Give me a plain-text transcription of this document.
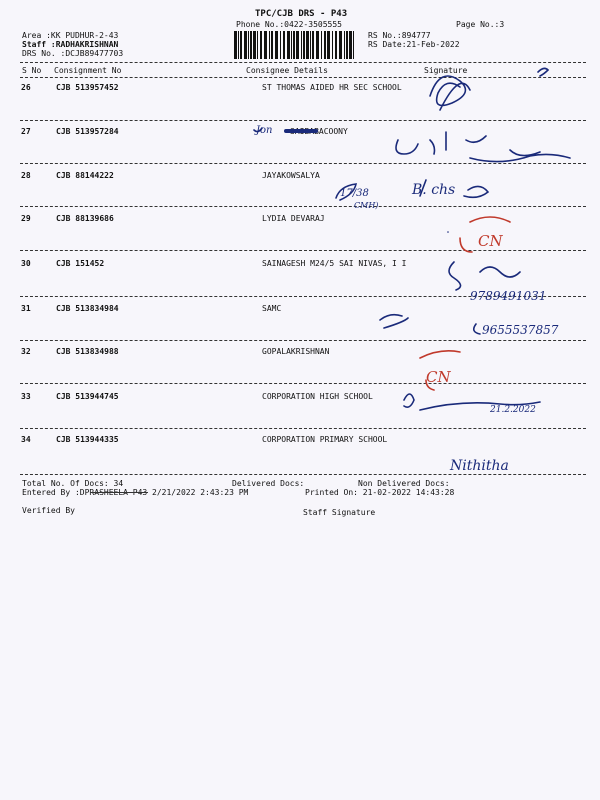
TPC/CJB DRS - P43
Phone No.:0422-3505555	Page No.:3
Area :KK PUDHUR-2-43
Staff :RADHAKRISHNAN
DRS No. :DCJB89477703
RS No.:894777
RS Date:21-Feb-2022
S No Consignment No	Consignee Details	Signature
26	CJB 513957452	ST THOMAS AIDED HR SEC SCHOOL
27	CJB 513957284	SAIBABACOONY
28	CJB 88144222	JAYAKOWSALYA
29	CJB 88139686	LYDIA DEVARAJ
30	CJB 151452	SAINAGESH M24/5 SAI NIVAS, I I
31	CJB 513834984	SAMC
32	CJB 513834988	GOPALAKRISHNAN
33	CJB 513944745	CORPORATION HIGH SCHOOL
34	CJB 513944335	CORPORATION PRIMARY SCHOOL
Total No. Of Docs: 34	Delivered Docs:	Non Delivered Docs:
Entered By :DPRASHEELA P43 2/21/2022 2:43:23 PM	Printed On: 21-02-2022 14:43:28
Verified By	Staff Signature
Jon
17/38
CMH)
B. chs
9789491031
9655537857
21.2.2022
Nithitha
CN
CN
